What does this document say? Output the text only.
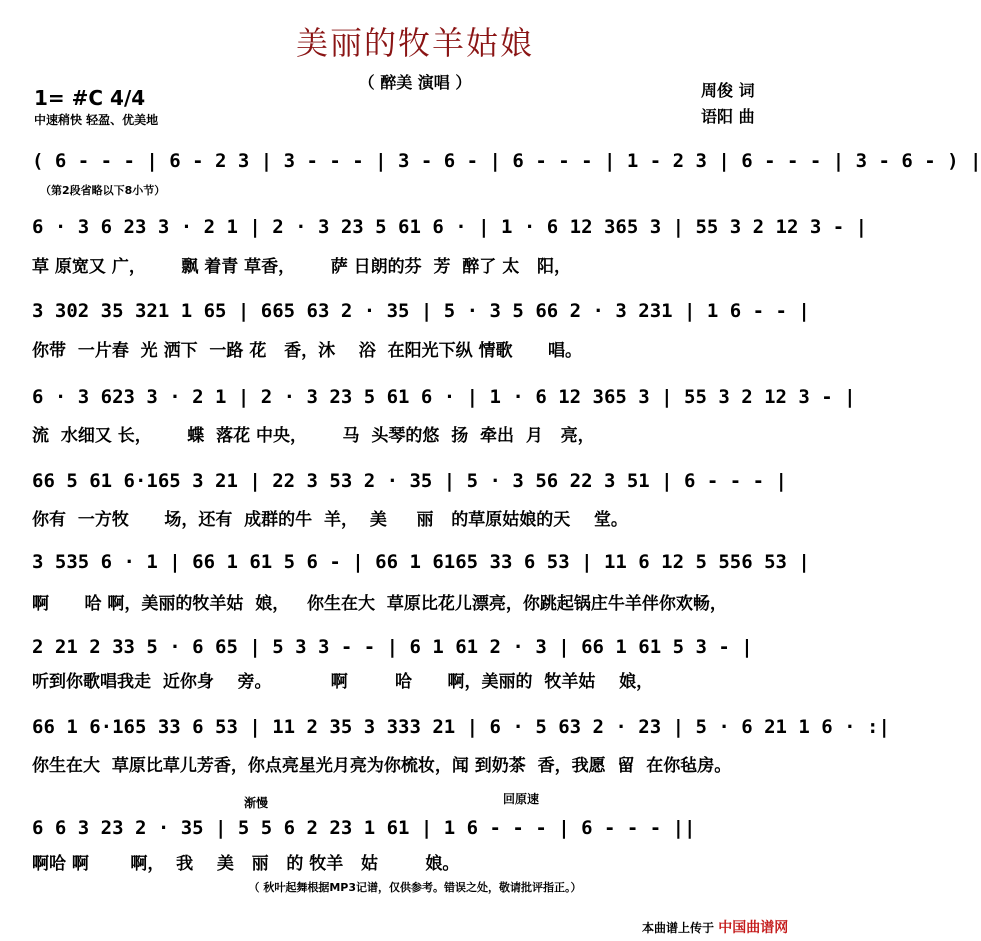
美丽的牧羊姑娘
（ 醉美 演唱 ）
1= #C 4/4
中速稍快 轻盈、优美地
周俊 词
语阳 曲
( 6 - - - | 6 - 2 3 | 3 - - - | 3 - 6 - | 6 - - - | 1 - 2 3 | 6 - - - | 3 - 6 - ) |
（第2段省略以下8小节）
6 · 3 6 23 3 · 2 1 | 2 · 3 23 5 61 6 · | 1 · 6 12 365 3 | 55 3 2 12 3 - |
草 原宽又 广，      飘 着青 草香，      萨 日朗的芬  芳  醉了 太   阳，
3 302 35 321 1 65 | 665 63 2 · 35 | 5 · 3 5 66 2 · 3 231 | 1 6 - - |
你带  一片春  光 洒下  一路 花   香，沐    浴  在阳光下纵 情歌      唱。
6 · 3 623 3 · 2 1 | 2 · 3 23 5 61 6 · | 1 · 6 12 365 3 | 55 3 2 12 3 - |
流  水细又 长，      蝶  落花 中央，      马  头琴的悠  扬  牵出  月   亮，
66 5 61 6·165 3 21 | 22 3 53 2 · 35 | 5 · 3 56 22 3 51 | 6 - - - |
你有  一方牧      场，还有  成群的牛  羊，  美     丽   的草原姑娘的天    堂。
3 535 6 · 1 | 66 1 61 5 6 - | 66 1 6165 33 6 53 | 11 6 12 5 556 53 |
啊      哈 啊，美丽的牧羊姑  娘，   你生在大  草原比花儿漂亮，你跳起锅庄牛羊伴你欢畅，
2 21 2 33 5 · 6 65 | 5 3 3 - - | 6 1 61 2 · 3 | 66 1 61 5 3 - |
听到你歌唱我走  近你身    旁。          啊        哈      啊，美丽的  牧羊姑    娘，
66 1 6·165 33 6 53 | 11 2 35 3 333 21 | 6 · 5 63 2 · 23 | 5 · 6 21 1 6 · :|
你生在大  草原比草儿芳香，你点亮星光月亮为你梳妆，闻 到奶茶  香，我愿  留  在你毡房。
渐慢	回原速
6 6 3 23 2 · 35 | 5 5 6 2 23 1 61 | 1 6 - - - | 6 - - - ||
啊哈 啊       啊，  我    美   丽   的 牧羊   姑        娘。
（ 秋叶起舞根据MP3记谱，仅供参考。错误之处，敬请批评指正。）
本曲谱上传于 中国曲谱网
